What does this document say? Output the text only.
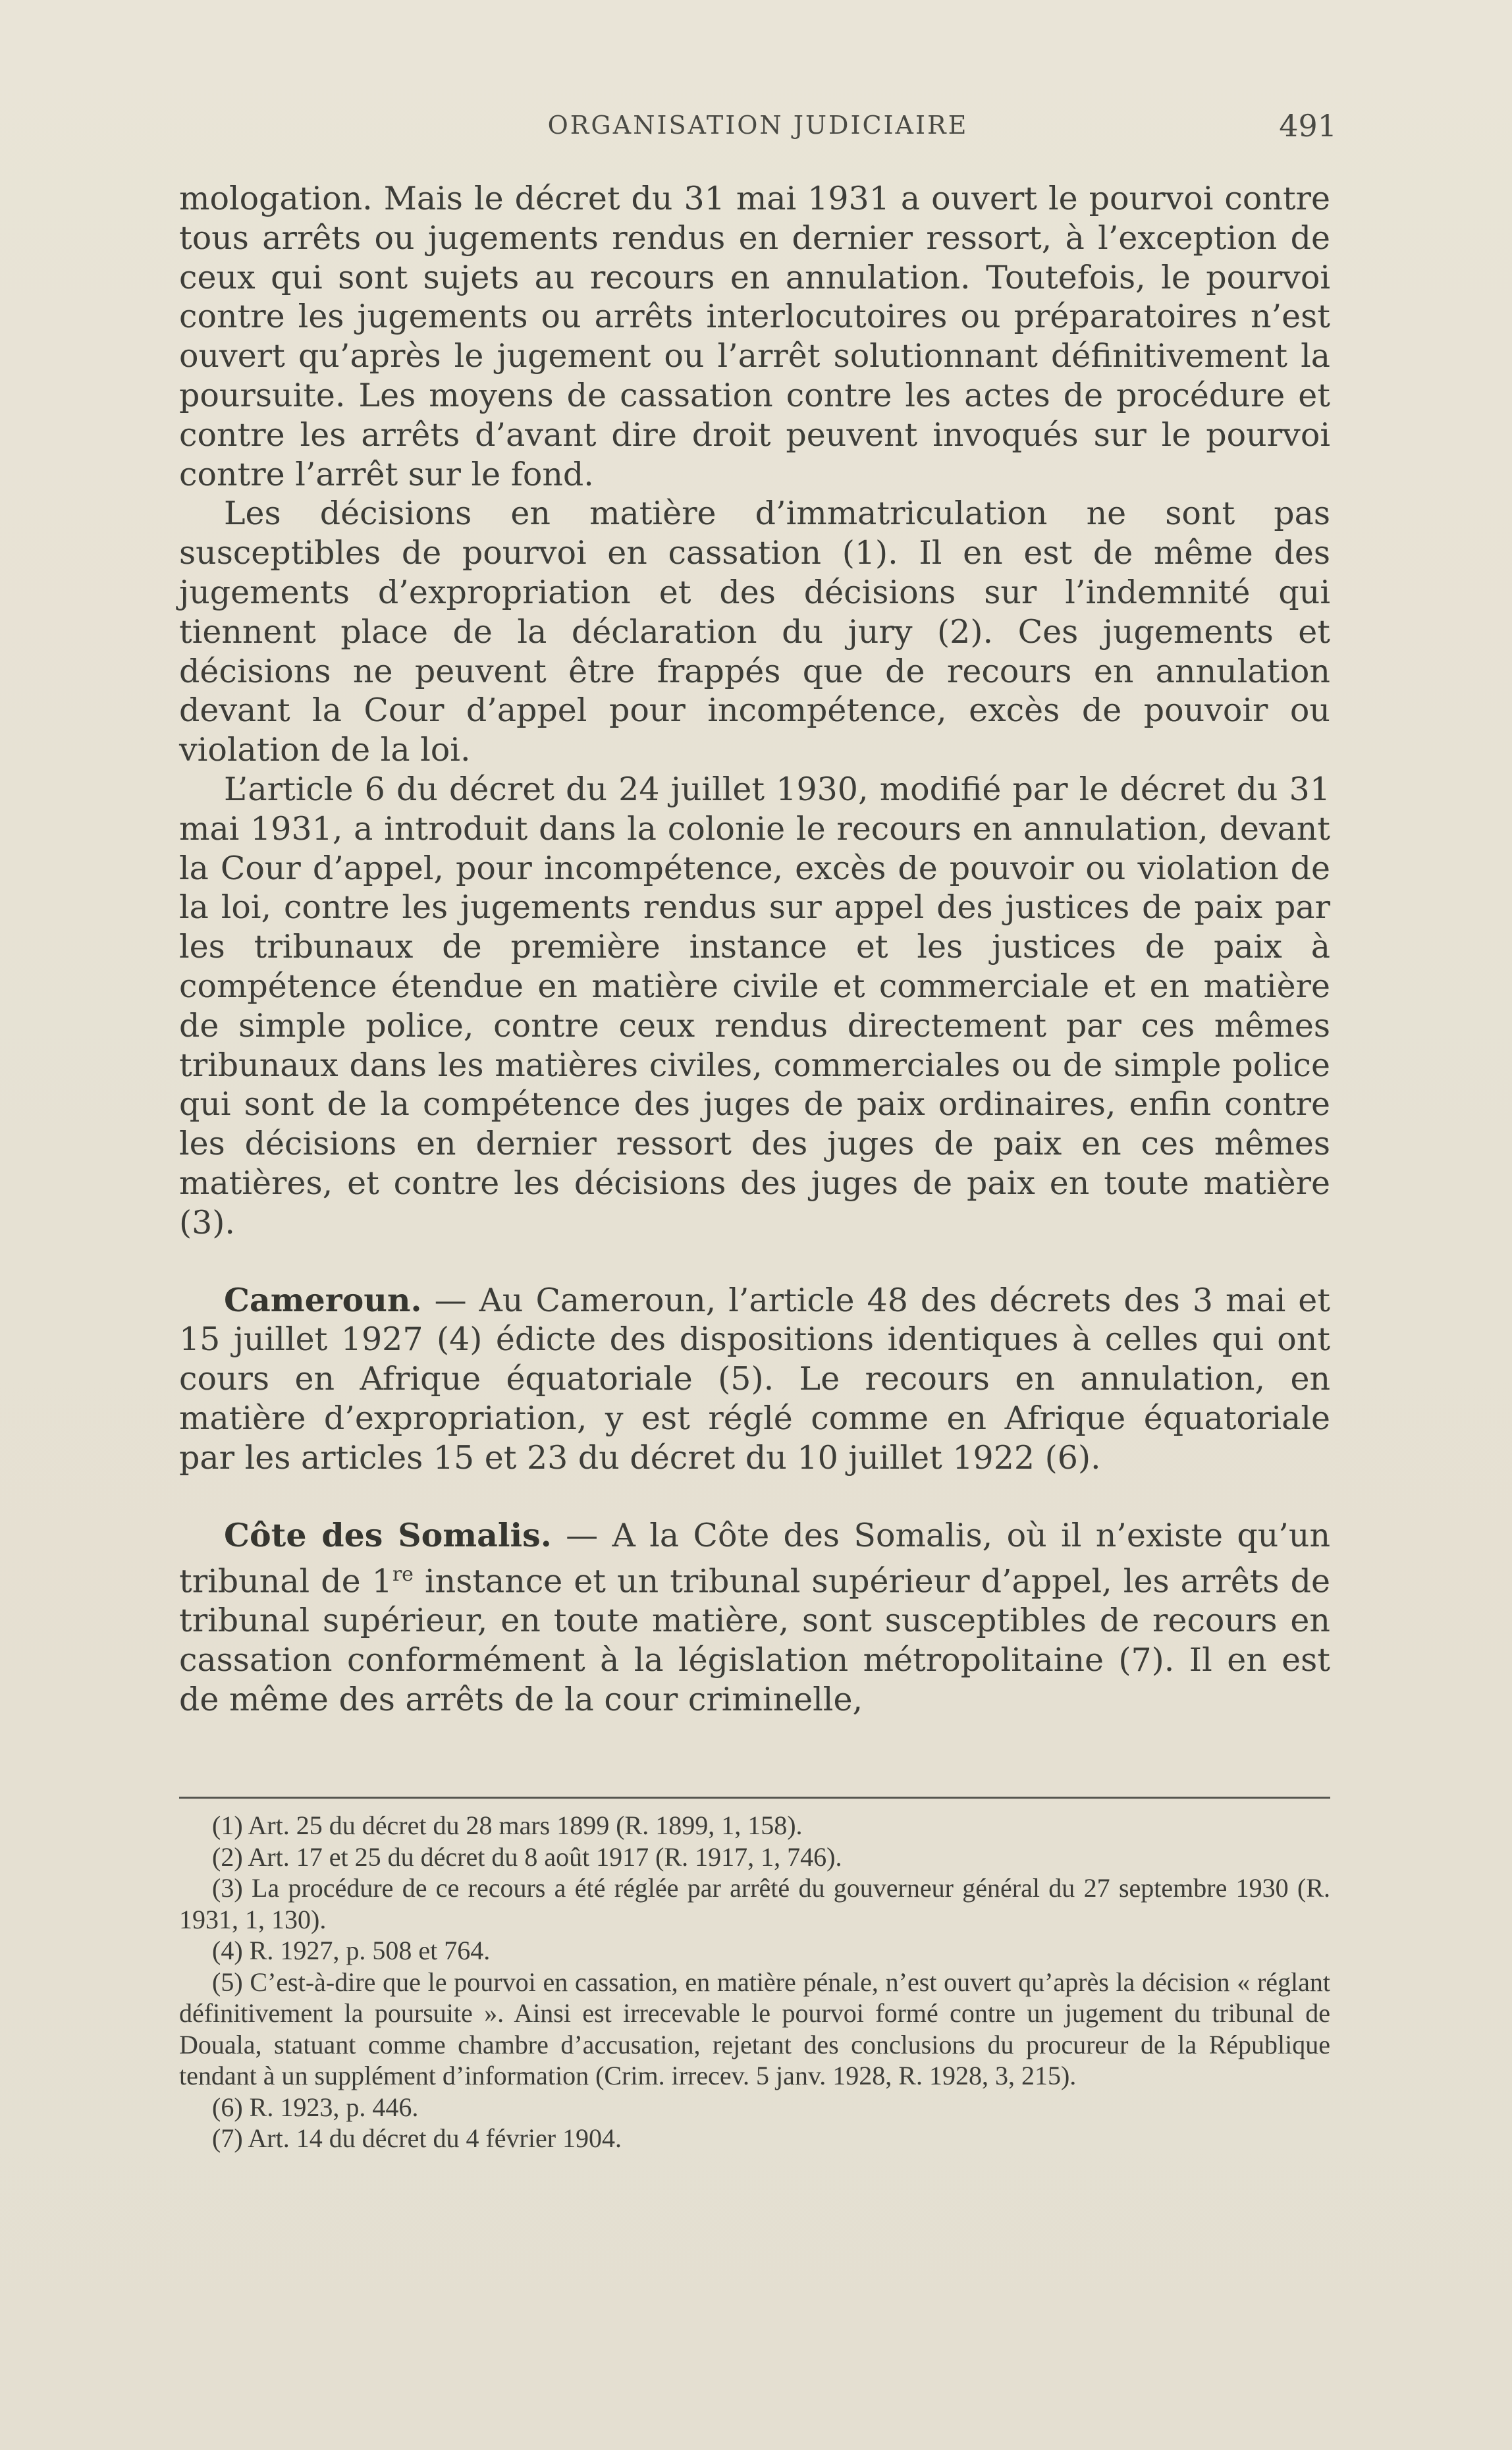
ORGANISATION JUDICIAIRE	491

mologation. Mais le décret du 31 mai 1931 a ouvert le pourvoi contre tous arrêts ou jugements rendus en dernier ressort, à l’exception de ceux qui sont sujets au recours en annulation. Toutefois, le pourvoi contre les jugements ou arrêts interlocutoires ou préparatoires n’est ouvert qu’après le jugement ou l’arrêt solutionnant définitivement la poursuite. Les moyens de cassation contre les actes de procédure et contre les arrêts d’avant dire droit peuvent invoqués sur le pourvoi contre l’arrêt sur le fond.

Les décisions en matière d’immatriculation ne sont pas susceptibles de pourvoi en cassation (1). Il en est de même des jugements d’expropriation et des décisions sur l’indemnité qui tiennent place de la déclaration du jury (2). Ces jugements et décisions ne peuvent être frappés que de recours en annulation devant la Cour d’appel pour incompétence, excès de pouvoir ou violation de la loi.

L’article 6 du décret du 24 juillet 1930, modifié par le décret du 31 mai 1931, a introduit dans la colonie le recours en annulation, devant la Cour d’appel, pour incompétence, excès de pouvoir ou violation de la loi, contre les jugements rendus sur appel des justices de paix par les tribunaux de première instance et les justices de paix à compétence étendue en matière civile et commerciale et en matière de simple police, contre ceux rendus directement par ces mêmes tribunaux dans les matières civiles, commerciales ou de simple police qui sont de la compétence des juges de paix ordinaires, enfin contre les décisions en dernier ressort des juges de paix en ces mêmes matières, et contre les décisions des juges de paix en toute matière (3).

Cameroun. — Au Cameroun, l’article 48 des décrets des 3 mai et 15 juillet 1927 (4) édicte des dispositions identiques à celles qui ont cours en Afrique équatoriale (5). Le recours en annulation, en matière d’expropriation, y est réglé comme en Afrique équatoriale par les articles 15 et 23 du décret du 10 juillet 1922 (6).

Côte des Somalis. — A la Côte des Somalis, où il n’existe qu’un tribunal de 1re instance et un tribunal supérieur d’appel, les arrêts de tribunal supérieur, en toute matière, sont susceptibles de recours en cassation conformément à la législation métropolitaine (7). Il en est de même des arrêts de la cour criminelle,

(1) Art. 25 du décret du 28 mars 1899 (R. 1899, 1, 158).

(2) Art. 17 et 25 du décret du 8 août 1917 (R. 1917, 1, 746).

(3) La procédure de ce recours a été réglée par arrêté du gouverneur général du 27 septembre 1930 (R. 1931, 1, 130).

(4) R. 1927, p. 508 et 764.

(5) C’est-à-dire que le pourvoi en cassation, en matière pénale, n’est ouvert qu’après la décision « réglant définitivement la poursuite ». Ainsi est irrecevable le pourvoi formé contre un jugement du tribunal de Douala, statuant comme chambre d’accusation, rejetant des conclusions du procureur de la République tendant à un supplément d’information (Crim. irrecev. 5 janv. 1928, R. 1928, 3, 215).

(6) R. 1923, p. 446.

(7) Art. 14 du décret du 4 février 1904.
